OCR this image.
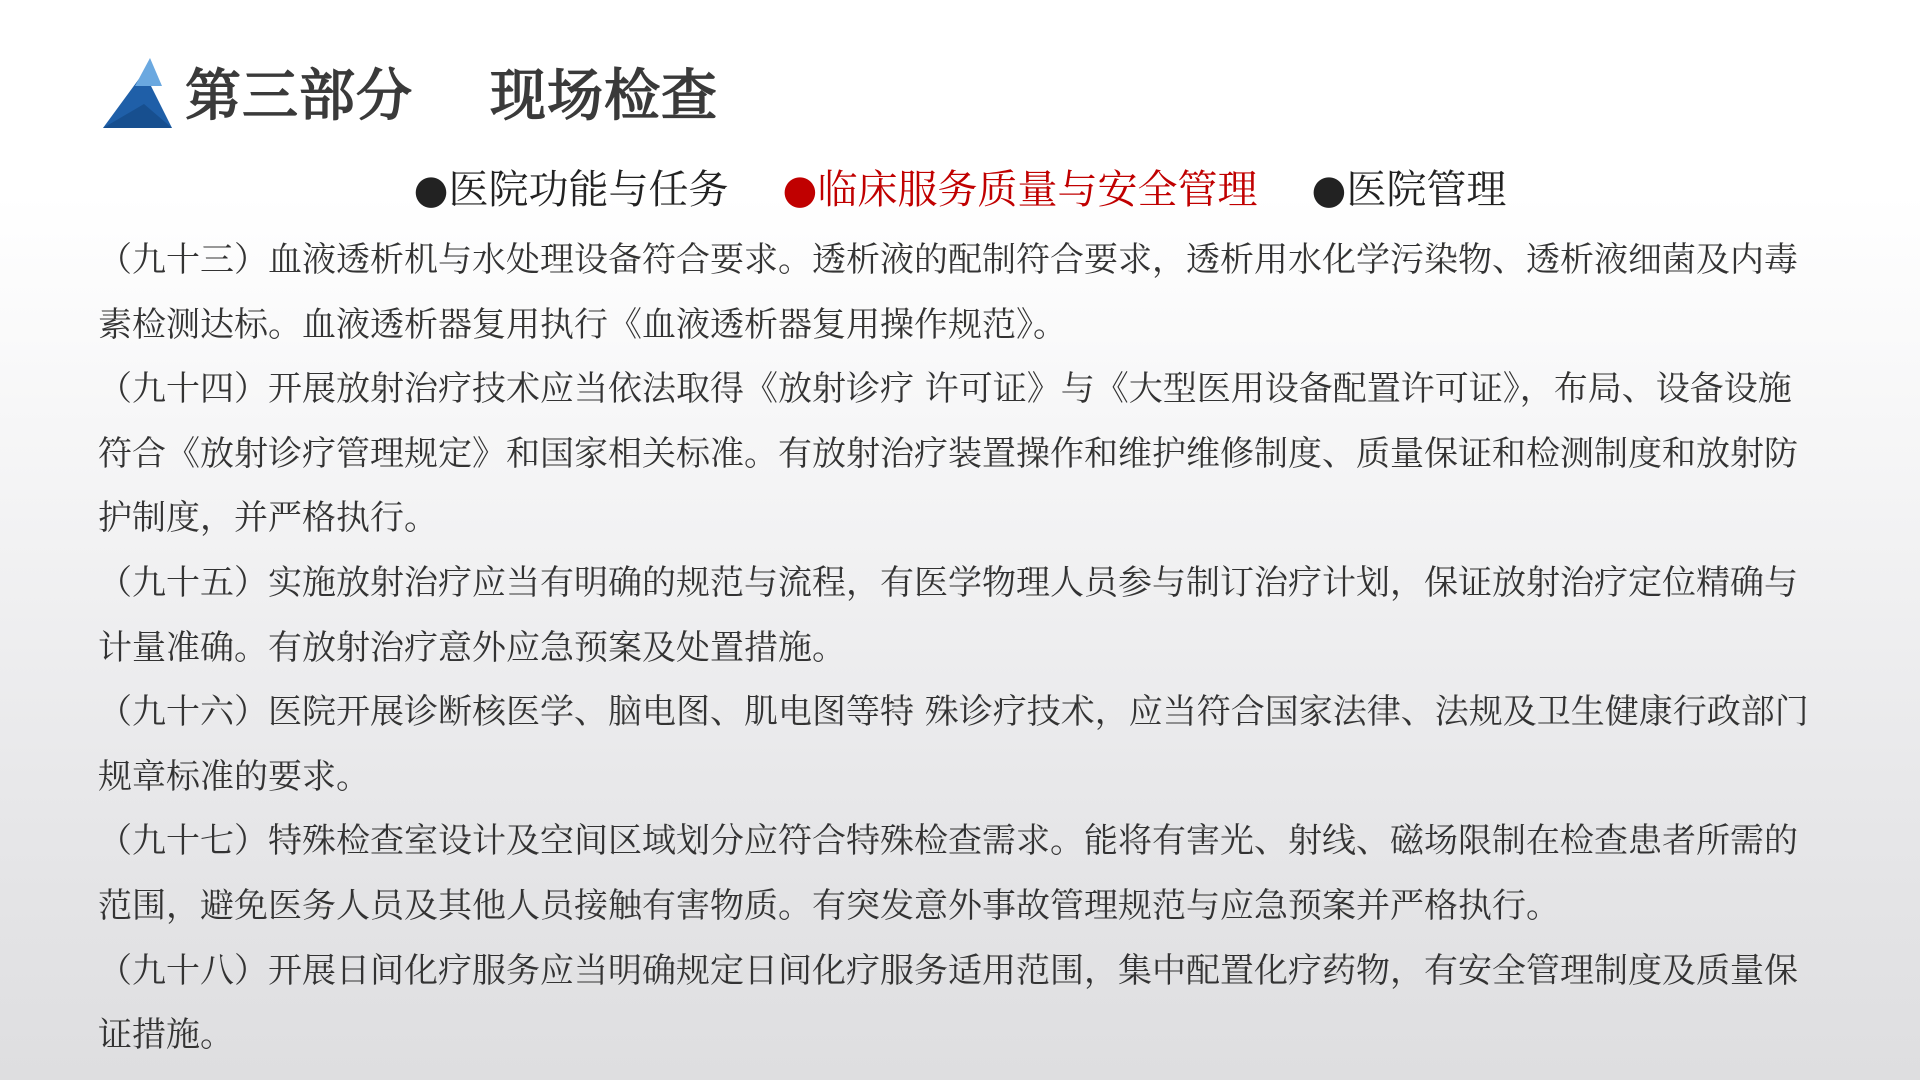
第三部分  现场检查
●医院功能与任务 ●临床服务质量与安全管理 ●医院管理

（九十三）血液透析机与水处理设备符合要求。透析液的配制符合要求，透析用水化学污染物、透析液细菌及内毒 素检测达标。血液透析器复用执行《血液透析器复用操作规范》。

（九十四）开展放射治疗技术应当依法取得《放射诊疗 许可证》与《大型医用设备配置许可证》，布局、设备设施 符合《放射诊疗管理规定》和国家相关标准。有放射治疗装置操作和维护维修制度、质量保证和检测制度和放射防护制度，并严格执行。

（九十五）实施放射治疗应当有明确的规范与流程，有医学物理人员参与制订治疗计划，保证放射治疗定位精确与计量准确。有放射治疗意外应急预案及处置措施。

（九十六）医院开展诊断核医学、脑电图、肌电图等特 殊诊疗技术，应当符合国家法律、法规及卫生健康行政部门规章标准的要求。

（九十七）特殊检查室设计及空间区域划分应符合特殊检查需求。能将有害光、射线、磁场限制在检查患者所需的 范围，避免医务人员及其他人员接触有害物质。有突发意外事故管理规范与应急预案并严格执行。

（九十八）开展日间化疗服务应当明确规定日间化疗服务适用范围，集中配置化疗药物，有安全管理制度及质量保证措施。
